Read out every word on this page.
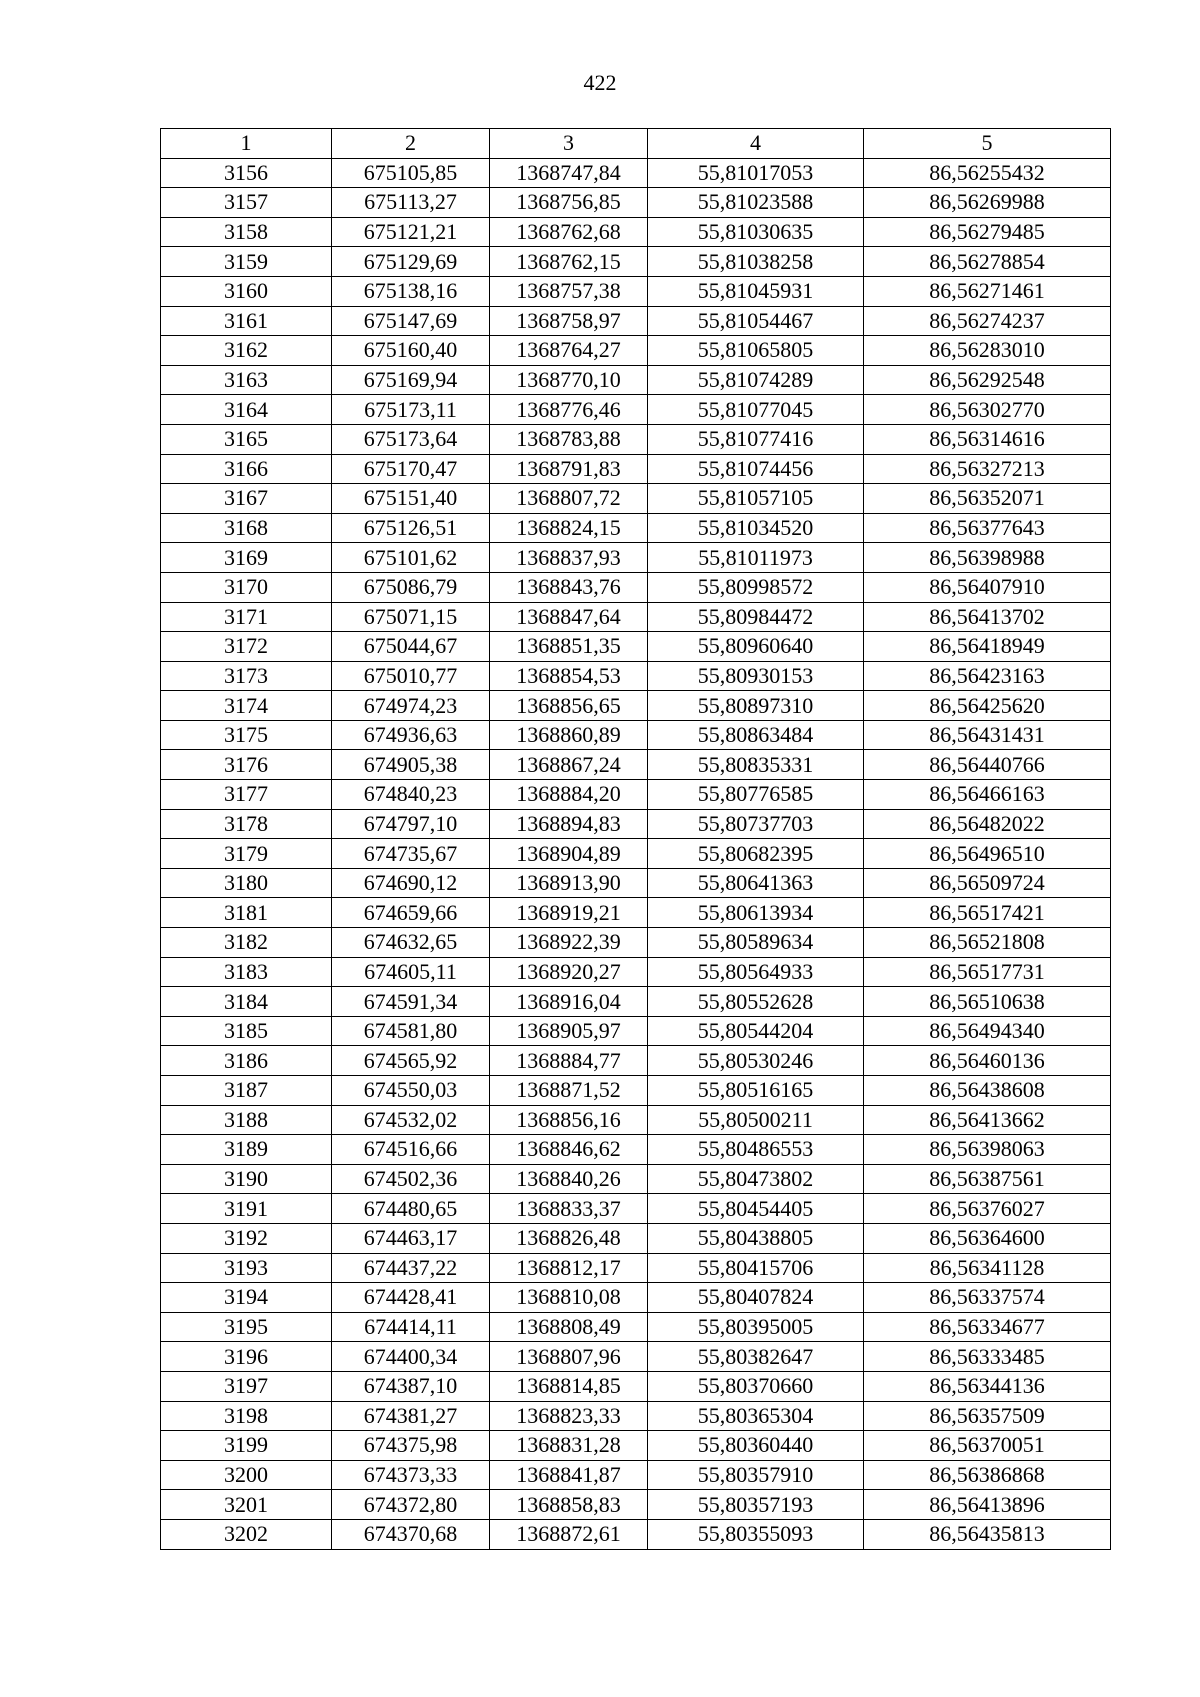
422
1	2	3	4	5
3156	675105,85	1368747,84	55,81017053	86,56255432
3157	675113,27	1368756,85	55,81023588	86,56269988
3158	675121,21	1368762,68	55,81030635	86,56279485
3159	675129,69	1368762,15	55,81038258	86,56278854
3160	675138,16	1368757,38	55,81045931	86,56271461
3161	675147,69	1368758,97	55,81054467	86,56274237
3162	675160,40	1368764,27	55,81065805	86,56283010
3163	675169,94	1368770,10	55,81074289	86,56292548
3164	675173,11	1368776,46	55,81077045	86,56302770
3165	675173,64	1368783,88	55,81077416	86,56314616
3166	675170,47	1368791,83	55,81074456	86,56327213
3167	675151,40	1368807,72	55,81057105	86,56352071
3168	675126,51	1368824,15	55,81034520	86,56377643
3169	675101,62	1368837,93	55,81011973	86,56398988
3170	675086,79	1368843,76	55,80998572	86,56407910
3171	675071,15	1368847,64	55,80984472	86,56413702
3172	675044,67	1368851,35	55,80960640	86,56418949
3173	675010,77	1368854,53	55,80930153	86,56423163
3174	674974,23	1368856,65	55,80897310	86,56425620
3175	674936,63	1368860,89	55,80863484	86,56431431
3176	674905,38	1368867,24	55,80835331	86,56440766
3177	674840,23	1368884,20	55,80776585	86,56466163
3178	674797,10	1368894,83	55,80737703	86,56482022
3179	674735,67	1368904,89	55,80682395	86,56496510
3180	674690,12	1368913,90	55,80641363	86,56509724
3181	674659,66	1368919,21	55,80613934	86,56517421
3182	674632,65	1368922,39	55,80589634	86,56521808
3183	674605,11	1368920,27	55,80564933	86,56517731
3184	674591,34	1368916,04	55,80552628	86,56510638
3185	674581,80	1368905,97	55,80544204	86,56494340
3186	674565,92	1368884,77	55,80530246	86,56460136
3187	674550,03	1368871,52	55,80516165	86,56438608
3188	674532,02	1368856,16	55,80500211	86,56413662
3189	674516,66	1368846,62	55,80486553	86,56398063
3190	674502,36	1368840,26	55,80473802	86,56387561
3191	674480,65	1368833,37	55,80454405	86,56376027
3192	674463,17	1368826,48	55,80438805	86,56364600
3193	674437,22	1368812,17	55,80415706	86,56341128
3194	674428,41	1368810,08	55,80407824	86,56337574
3195	674414,11	1368808,49	55,80395005	86,56334677
3196	674400,34	1368807,96	55,80382647	86,56333485
3197	674387,10	1368814,85	55,80370660	86,56344136
3198	674381,27	1368823,33	55,80365304	86,56357509
3199	674375,98	1368831,28	55,80360440	86,56370051
3200	674373,33	1368841,87	55,80357910	86,56386868
3201	674372,80	1368858,83	55,80357193	86,56413896
3202	674370,68	1368872,61	55,80355093	86,56435813
